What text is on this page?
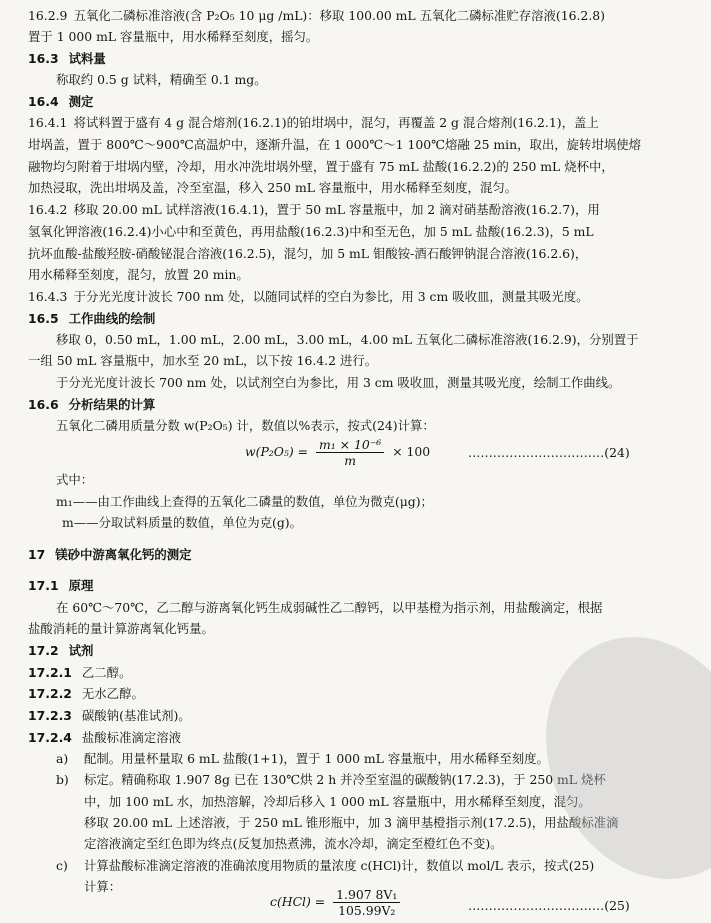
16.2.9 五氧化二磷标准溶液(含 P₂O₅ 10 μg /mL)：移取 100.00 mL 五氧化二磷标准贮存溶液(16.2.8)
置于 1 000 mL 容量瓶中，用水稀释至刻度，摇匀。
16.3 试料量
称取约 0.5 g 试料，精确至 0.1 mg。
16.4 测定
16.4.1 将试料置于盛有 4 g 混合熔剂(16.2.1)的铂坩埚中，混匀，再覆盖 2 g 混合熔剂(16.2.1)，盖上
坩埚盖，置于 800℃～900℃高温炉中，逐渐升温，在 1 000℃～1 100℃熔融 25 min，取出，旋转坩埚使熔
融物均匀附着于坩埚内壁，冷却，用水冲洗坩埚外壁，置于盛有 75 mL 盐酸(16.2.2)的 250 mL 烧杯中，
加热浸取，洗出坩埚及盖，冷至室温，移入 250 mL 容量瓶中，用水稀释至刻度，混匀。
16.4.2 移取 20.00 mL 试样溶液(16.4.1)，置于 50 mL 容量瓶中，加 2 滴对硝基酚溶液(16.2.7)，用
氢氧化钾溶液(16.2.4)小心中和至黄色，再用盐酸(16.2.3)中和至无色，加 5 mL 盐酸(16.2.3)，5 mL
抗坏血酸-盐酸羟胺-硝酸铋混合溶液(16.2.5)，混匀，加 5 mL 钼酸铵-酒石酸钾钠混合溶液(16.2.6)，
用水稀释至刻度，混匀，放置 20 min。
16.4.3 于分光光度计波长 700 nm 处，以随同试样的空白为参比，用 3 cm 吸收皿，测量其吸光度。
16.5 工作曲线的绘制
移取 0，0.50 mL，1.00 mL，2.00 mL，3.00 mL，4.00 mL 五氧化二磷标准溶液(16.2.9)，分别置于
一组 50 mL 容量瓶中，加水至 20 mL，以下按 16.4.2 进行。
于分光光度计波长 700 nm 处，以试剂空白为参比，用 3 cm 吸收皿，测量其吸光度，绘制工作曲线。
16.6 分析结果的计算
五氧化二磷用质量分数 w(P₂O₅) 计，数值以%表示，按式(24)计算：
$w(P_2O_5) = \frac{\text{m₁ × 10⁻⁶}}{m} \times 100$	……………………………(24)
式中：
m₁——由工作曲线上查得的五氧化二磷量的数值，单位为微克(μg)；
m——分取试料质量的数值，单位为克(g)。
17 镁砂中游离氧化钙的测定
17.1 原理
在 60℃～70℃，乙二醇与游离氧化钙生成弱碱性乙二醇钙，以甲基橙为指示剂，用盐酸滴定，根据
盐酸消耗的量计算游离氧化钙量。
17.2 试剂
17.2.1 乙二醇。
17.2.2 无水乙醇。
17.2.3 碳酸钠(基准试剂)。
17.2.4 盐酸标准滴定溶液
a) 配制。用量杯量取 6 mL 盐酸(1+1)，置于 1 000 mL 容量瓶中，用水稀释至刻度。
b) 标定。精确称取 1.907 8g 已在 130℃烘 2 h 并冷至室温的碳酸钠(17.2.3)，于 250 mL 烧杯
中，加 100 mL 水，加热溶解，冷却后移入 1 000 mL 容量瓶中，用水稀释至刻度，混匀。
移取 20.00 mL 上述溶液，于 250 mL 锥形瓶中，加 3 滴甲基橙指示剂(17.2.5)，用盐酸标准滴
定溶液滴定至红色即为终点(反复加热煮沸，流水冷却，滴定至橙红色不变)。
c) 计算盐酸标准滴定溶液的准确浓度用物质的量浓度 c(HCl)计，数值以 mol/L 表示，按式(25)
计算：
$c(HCl) = \frac{\text{1.907 8V₁}}{\text{105.99V₂}}$	……………………………(25)
